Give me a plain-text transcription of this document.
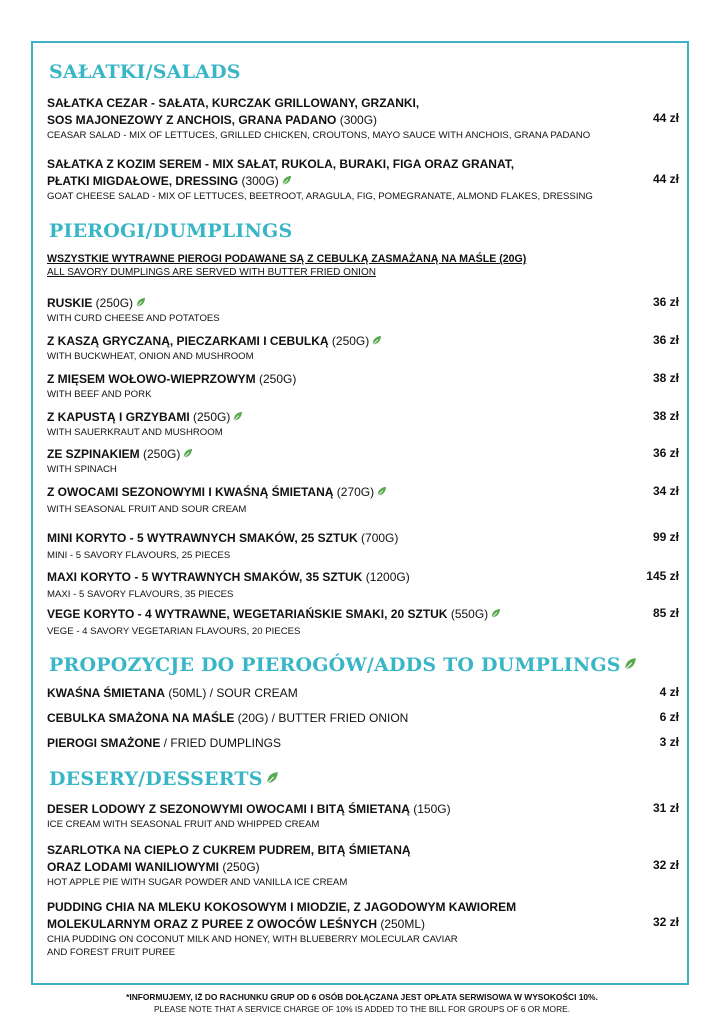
SAŁATKI/SALADS
SAŁATKA CEZAR - SAŁATA, KURCZAK GRILLOWANY, GRZANKI,
SOS MAJONEZOWY Z ANCHOIS, GRANA PADANO (300G)
CEASAR SALAD - MIX OF LETTUCES, GRILLED CHICKEN, CROUTONS, MAYO SAUCE WITH ANCHOIS, GRANA PADANO
44 zł
SAŁATKA Z KOZIM SEREM - MIX SAŁAT, RUKOLA, BURAKI, FIGA ORAZ GRANAT,
PŁATKI MIGDAŁOWE, DRESSING (300G)
GOAT CHEESE SALAD - MIX OF LETTUCES, BEETROOT, ARAGULA, FIG, POMEGRANATE, ALMOND FLAKES, DRESSING
44 zł
PIEROGI/DUMPLINGS
WSZYSTKIE WYTRAWNE PIEROGI PODAWANE SĄ Z CEBULKĄ ZASMAŻANĄ NA MAŚLE (20G)
ALL SAVORY DUMPLINGS ARE SERVED WITH BUTTER FRIED ONION
RUSKIE (250G)
WITH CURD CHEESE AND POTATOES
36 zł
Z KASZĄ GRYCZANĄ, PIECZARKAMI I CEBULKĄ (250G)
WITH BUCKWHEAT, ONION AND MUSHROOM
36 zł
Z MIĘSEM WOŁOWO-WIEPRZOWYM (250G)
WITH BEEF AND PORK
38 zł
Z KAPUSTĄ I GRZYBAMI (250G)
WITH SAUERKRAUT AND MUSHROOM
38 zł
ZE SZPINAKIEM (250G)
WITH SPINACH
36 zł
Z OWOCAMI SEZONOWYMI I KWAŚNĄ ŚMIETANĄ (270G)
WITH SEASONAL FRUIT AND SOUR CREAM
34 zł
MINI KORYTO - 5 WYTRAWNYCH SMAKÓW, 25 SZTUK (700G)
MINI - 5 SAVORY FLAVOURS, 25 PIECES
99 zł
MAXI KORYTO - 5 WYTRAWNYCH SMAKÓW, 35 SZTUK (1200G)
MAXI - 5 SAVORY FLAVOURS, 35 PIECES
145 zł
VEGE KORYTO - 4 WYTRAWNE, WEGETARIAŃSKIE SMAKI, 20 SZTUK (550G)
VEGE - 4 SAVORY VEGETARIAN FLAVOURS, 20 PIECES
85 zł
PROPOZYCJE DO PIEROGÓW/ADDS TO DUMPLINGS
KWAŚNA ŚMIETANA (50ML) / SOUR CREAM	4 zł
CEBULKA SMAŻONA NA MAŚLE (20G) / BUTTER FRIED ONION	6 zł
PIEROGI SMAŻONE / FRIED DUMPLINGS	3 zł
DESERY/DESSERTS
DESER LODOWY Z SEZONOWYMI OWOCAMI I BITĄ ŚMIETANĄ (150G)
ICE CREAM WITH SEASONAL FRUIT AND WHIPPED CREAM
31 zł
SZARLOTKA NA CIEPŁO Z CUKREM PUDREM, BITĄ ŚMIETANĄ
ORAZ LODAMI WANILIOWYMI (250G)
HOT APPLE PIE WITH SUGAR POWDER AND VANILLA ICE CREAM
32 zł
PUDDING CHIA NA MLEKU KOKOSOWYM I MIODZIE, Z JAGODOWYM KAWIOREM
MOLEKULARNYM ORAZ Z PUREE Z OWOCÓW LEŚNYCH (250ML)
CHIA PUDDING ON COCONUT MILK AND HONEY, WITH BLUEBERRY MOLECULAR CAVIAR
AND FOREST FRUIT PUREE
32 zł
*INFORMUJEMY, IŻ DO RACHUNKU GRUP OD 6 OSÓB DOŁĄCZANA JEST OPŁATA SERWISOWA W WYSOKOŚCI 10%.
PLEASE NOTE THAT A SERVICE CHARGE OF 10% IS ADDED TO THE BILL FOR GROUPS OF 6 OR MORE.
